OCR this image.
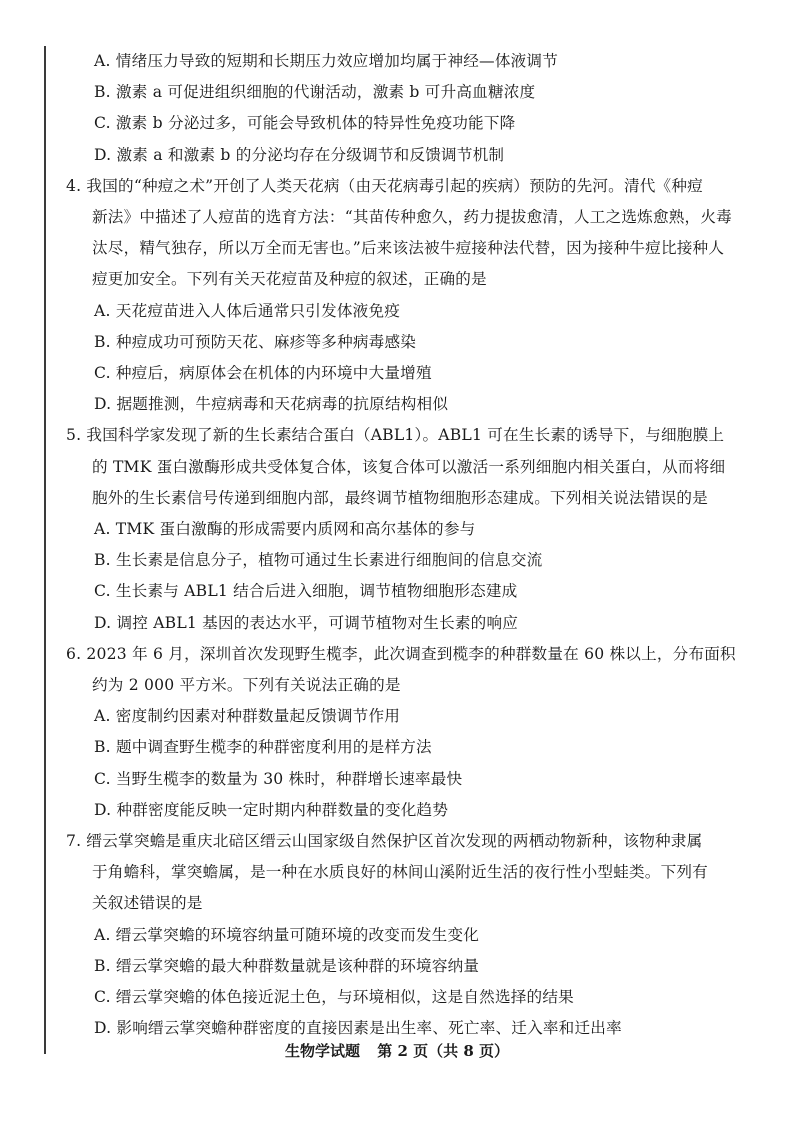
A. 情绪压力导致的短期和长期压力效应增加均属于神经—体液调节
B. 激素 a 可促进组织细胞的代谢活动，激素 b 可升高血糖浓度
C. 激素 b 分泌过多，可能会导致机体的特异性免疫功能下降
D. 激素 a 和激素 b 的分泌均存在分级调节和反馈调节机制
4. 我国的“种痘之术”开创了人类天花病（由天花病毒引起的疾病）预防的先河。清代《种痘
新法》中描述了人痘苗的选育方法：“其苗传种愈久，药力提拔愈清，人工之选炼愈熟，火毒
汰尽，精气独存，所以万全而无害也。”后来该法被牛痘接种法代替，因为接种牛痘比接种人
痘更加安全。下列有关天花痘苗及种痘的叙述，正确的是
A. 天花痘苗进入人体后通常只引发体液免疫
B. 种痘成功可预防天花、麻疹等多种病毒感染
C. 种痘后，病原体会在机体的内环境中大量增殖
D. 据题推测，牛痘病毒和天花病毒的抗原结构相似
5. 我国科学家发现了新的生长素结合蛋白（ABL1）。ABL1 可在生长素的诱导下，与细胞膜上
的 TMK 蛋白激酶形成共受体复合体，该复合体可以激活一系列细胞内相关蛋白，从而将细
胞外的生长素信号传递到细胞内部，最终调节植物细胞形态建成。下列相关说法错误的是
A. TMK 蛋白激酶的形成需要内质网和高尔基体的参与
B. 生长素是信息分子，植物可通过生长素进行细胞间的信息交流
C. 生长素与 ABL1 结合后进入细胞，调节植物细胞形态建成
D. 调控 ABL1 基因的表达水平，可调节植物对生长素的响应
6. 2023 年 6 月，深圳首次发现野生榄李，此次调查到榄李的种群数量在 60 株以上，分布面积
约为 2 000 平方米。下列有关说法正确的是
A. 密度制约因素对种群数量起反馈调节作用
B. 题中调查野生榄李的种群密度利用的是样方法
C. 当野生榄李的数量为 30 株时，种群增长速率最快
D. 种群密度能反映一定时期内种群数量的变化趋势
7. 缙云掌突蟾是重庆北碚区缙云山国家级自然保护区首次发现的两栖动物新种，该物种隶属
于角蟾科，掌突蟾属，是一种在水质良好的林间山溪附近生活的夜行性小型蛙类。下列有
关叙述错误的是
A. 缙云掌突蟾的环境容纳量可随环境的改变而发生变化
B. 缙云掌突蟾的最大种群数量就是该种群的环境容纳量
C. 缙云掌突蟾的体色接近泥土色，与环境相似，这是自然选择的结果
D. 影响缙云掌突蟾种群密度的直接因素是出生率、死亡率、迁入率和迁出率
生物学试题 第 2 页（共 8 页）
